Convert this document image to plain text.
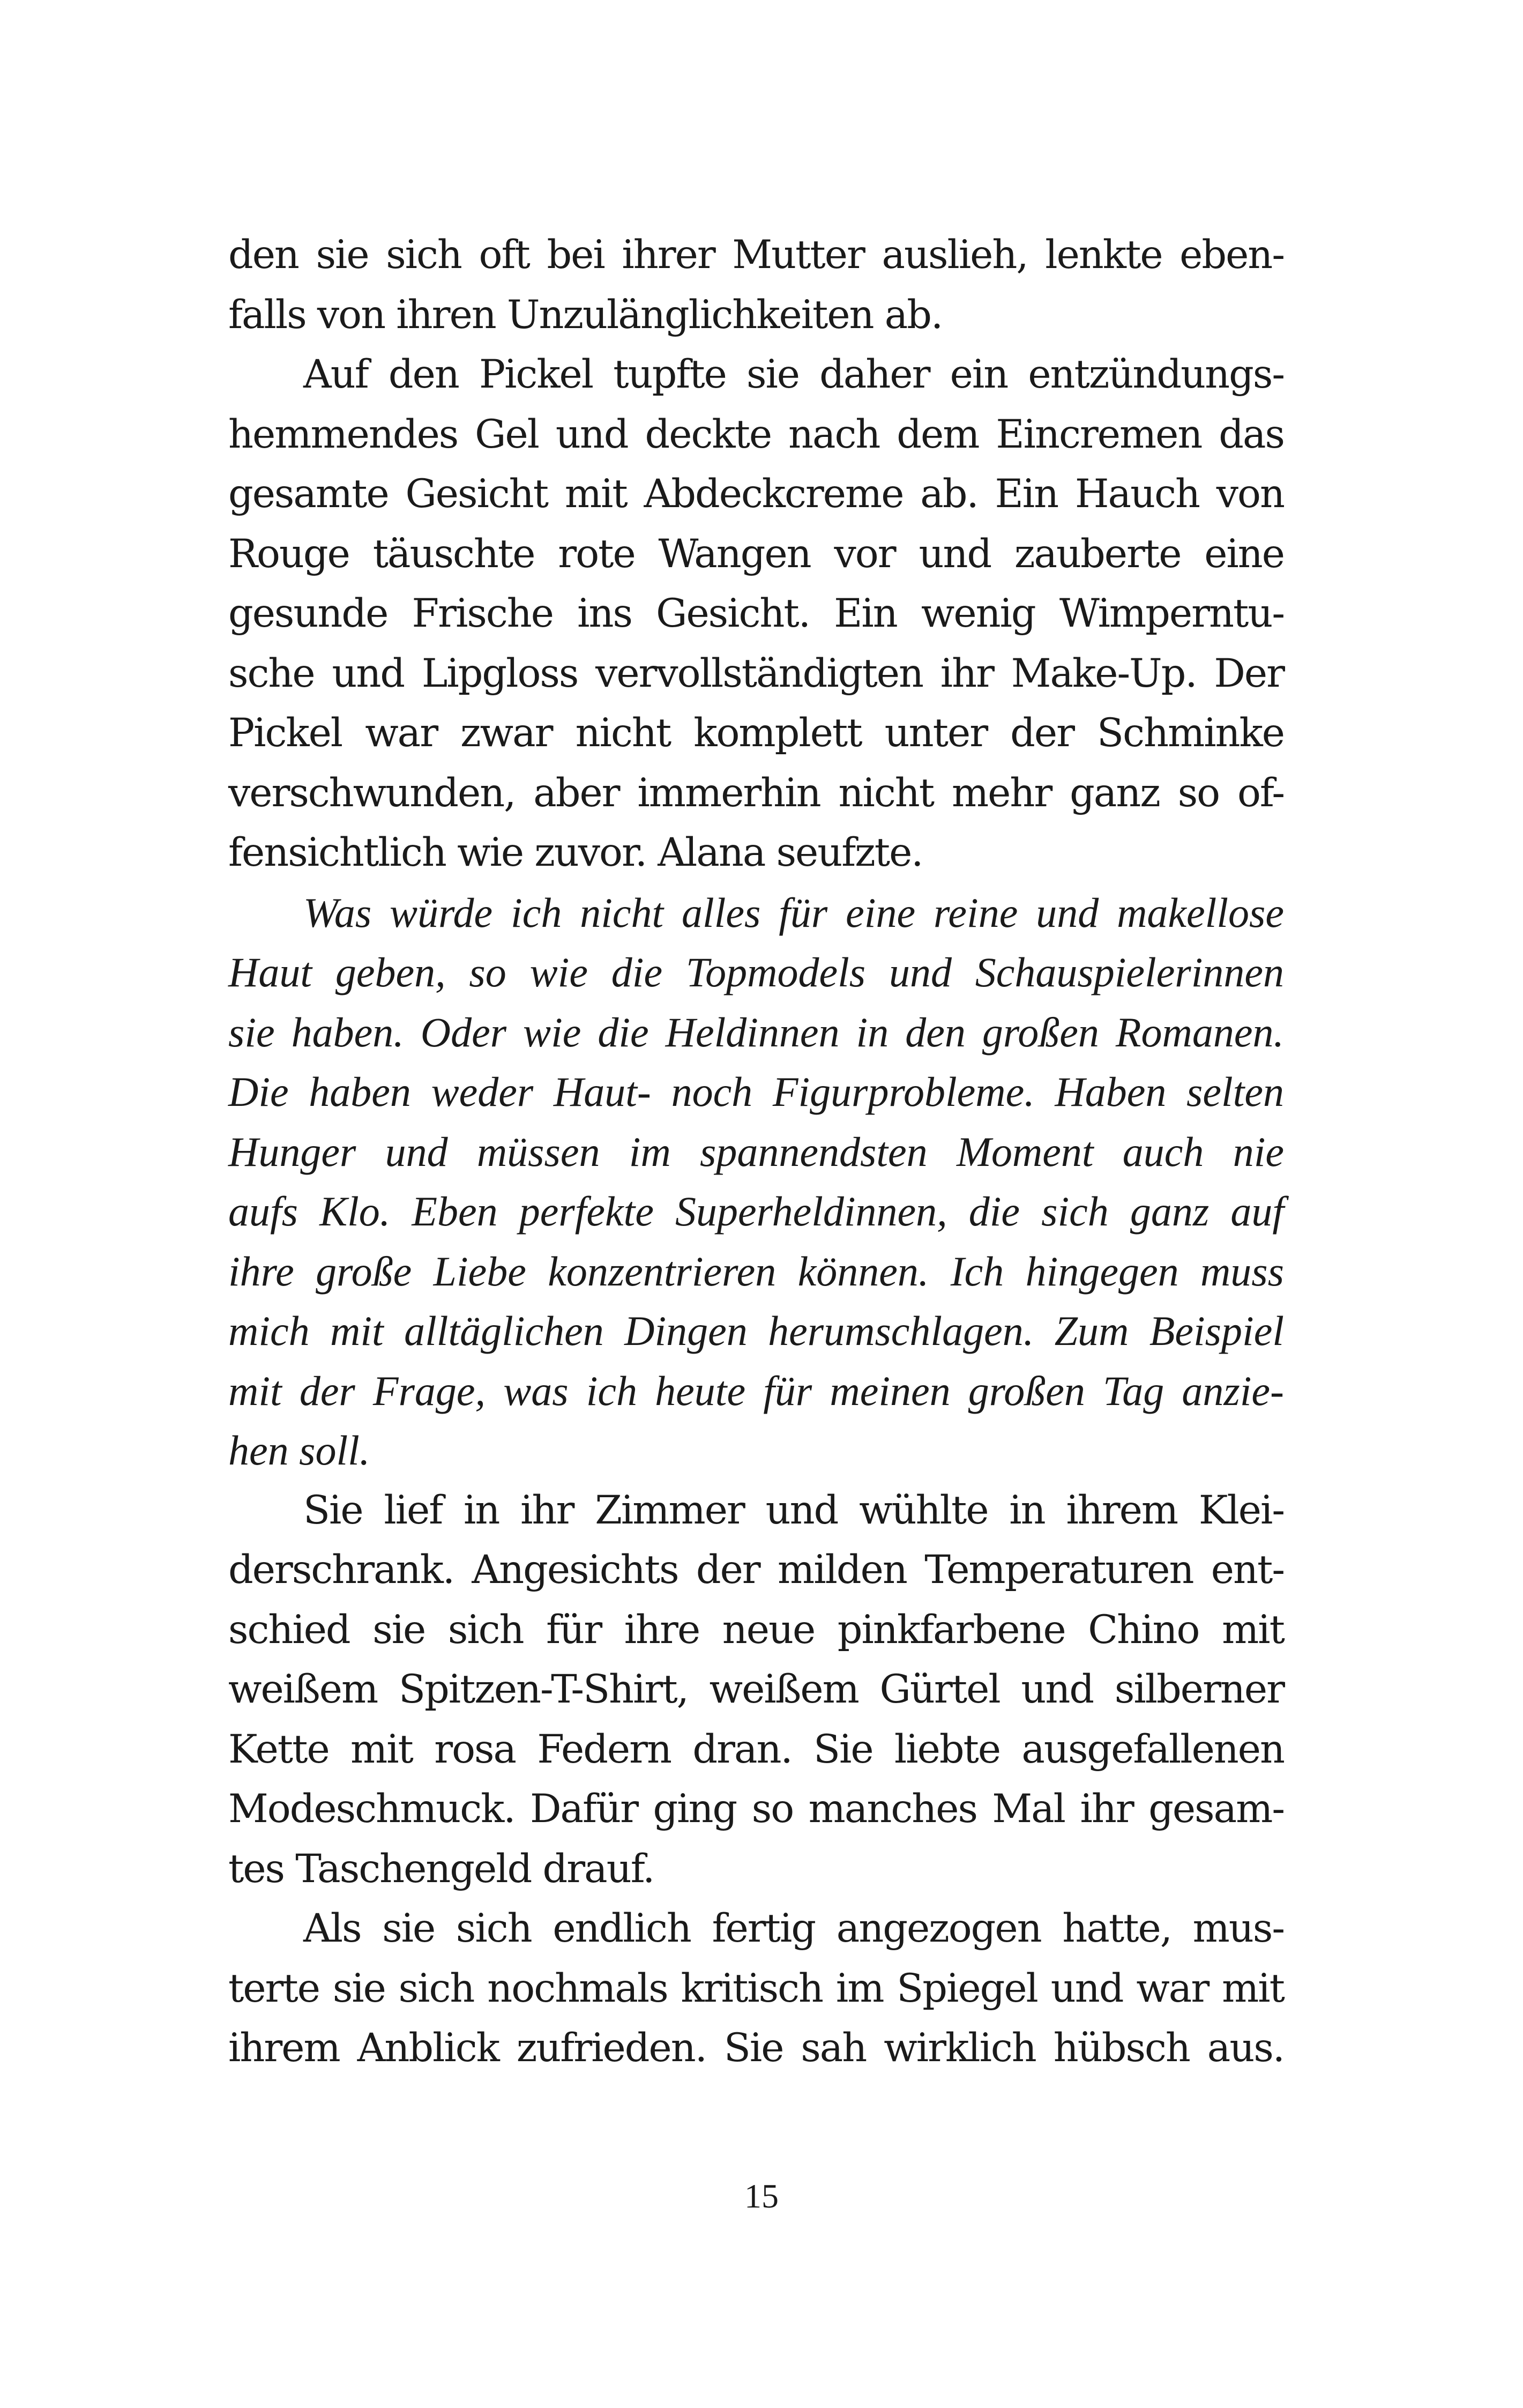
den sie sich oft bei ihrer Mutter auslieh, lenkte eben-
falls von ihren Unzulänglichkeiten ab.
Auf den Pickel tupfte sie daher ein entzündungs-
hemmendes Gel und deckte nach dem Eincremen das
gesamte Gesicht mit Abdeckcreme ab. Ein Hauch von
Rouge täuschte rote Wangen vor und zauberte eine
gesunde Frische ins Gesicht. Ein wenig Wimperntu-
sche und Lipgloss vervollständigten ihr Make-Up. Der
Pickel war zwar nicht komplett unter der Schminke
verschwunden, aber immerhin nicht mehr ganz so of-
fensichtlich wie zuvor. Alana seufzte.
Was würde ich nicht alles für eine reine und makellose
Haut geben, so wie die Topmodels und Schauspielerinnen
sie haben. Oder wie die Heldinnen in den großen Romanen.
Die haben weder Haut- noch Figurprobleme. Haben selten
Hunger und müssen im spannendsten Moment auch nie
aufs Klo. Eben perfekte Superheldinnen, die sich ganz auf
ihre große Liebe konzentrieren können. Ich hingegen muss
mich mit alltäglichen Dingen herumschlagen. Zum Beispiel
mit der Frage, was ich heute für meinen großen Tag anzie-
hen soll.
Sie lief in ihr Zimmer und wühlte in ihrem Klei-
derschrank. Angesichts der milden Temperaturen ent-
schied sie sich für ihre neue pinkfarbene Chino mit
weißem Spitzen-T-Shirt, weißem Gürtel und silberner
Kette mit rosa Federn dran. Sie liebte ausgefallenen
Modeschmuck. Dafür ging so manches Mal ihr gesam-
tes Taschengeld drauf.
Als sie sich endlich fertig angezogen hatte, mus-
terte sie sich nochmals kritisch im Spiegel und war mit
ihrem Anblick zufrieden. Sie sah wirklich hübsch aus.
15
